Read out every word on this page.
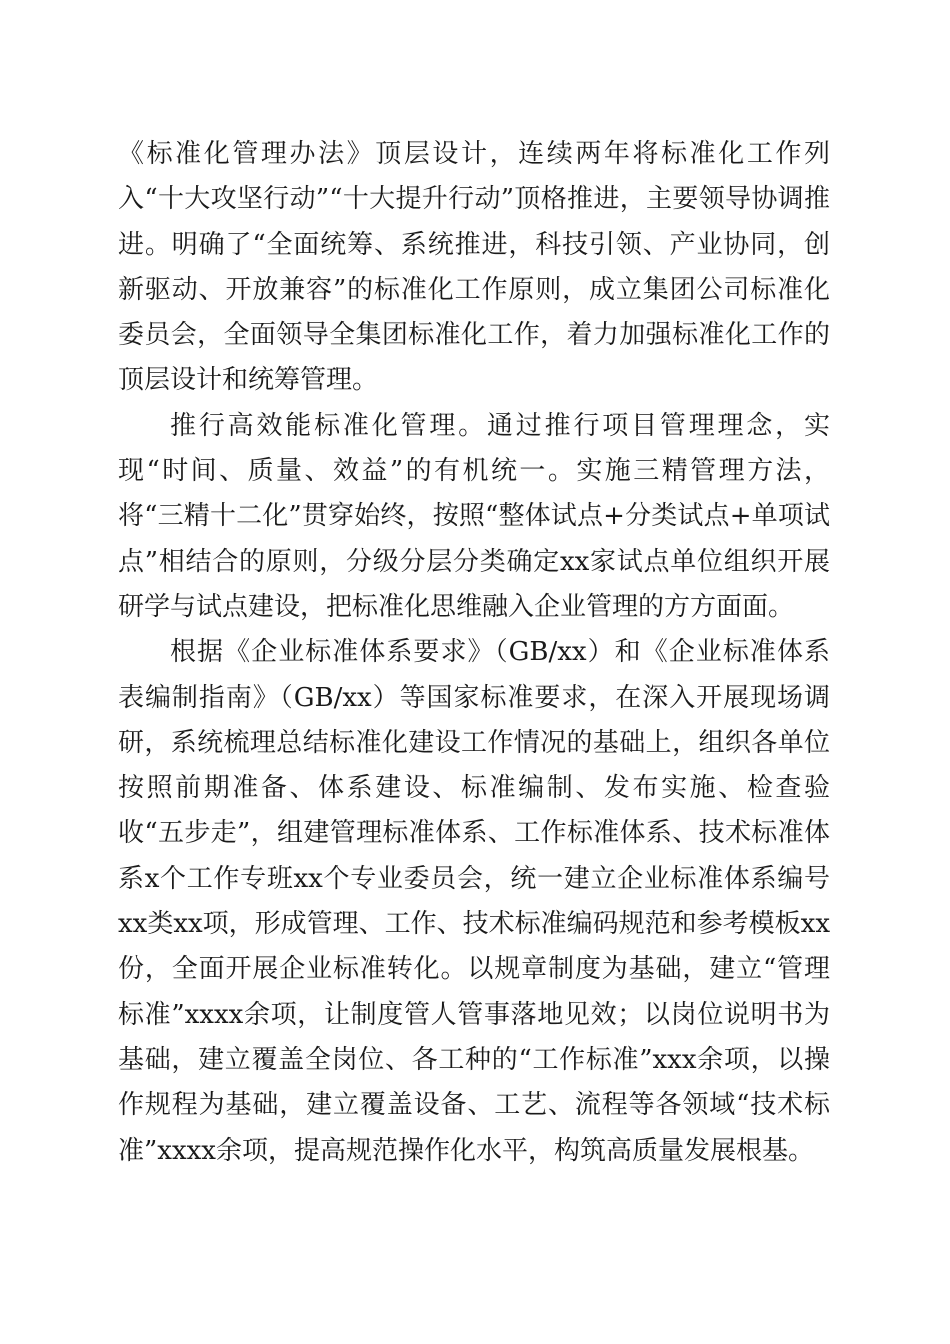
《标准化管理办法》顶层设计，连续两年将标准化工作列入“十大攻坚行动”“十大提升行动”顶格推进，主要领导协调推进。明确了“全面统筹、系统推进，科技引领、产业协同，创新驱动、开放兼容”的标准化工作原则，成立集团公司标准化委员会，全面领导全集团标准化工作，着力加强标准化工作的顶层设计和统筹管理。

推行高效能标准化管理。通过推行项目管理理念，实现“时间、质量、效益”的有机统一。实施三精管理方法，将“三精十二化”贯穿始终，按照“整体试点+分类试点+单项试点”相结合的原则，分级分层分类确定xx家试点单位组织开展研学与试点建设，把标准化思维融入企业管理的方方面面。

根据《企业标准体系要求》（GB/xx）和《企业标准体系表编制指南》（GB/xx）等国家标准要求，在深入开展现场调研，系统梳理总结标准化建设工作情况的基础上，组织各单位按照前期准备、体系建设、标准编制、发布实施、检查验收“五步走”，组建管理标准体系、工作标准体系、技术标准体系x个工作专班xx个专业委员会，统一建立企业标准体系编号xx类xx项，形成管理、工作、技术标准编码规范和参考模板xx份，全面开展企业标准转化。以规章制度为基础，建立“管理标准”xxxx余项，让制度管人管事落地见效；以岗位说明书为基础，建立覆盖全岗位、各工种的“工作标准”xxx余项，以操作规程为基础，建立覆盖设备、工艺、流程等各领域“技术标准”xxxx余项，提高规范操作化水平，构筑高质量发展根基。
